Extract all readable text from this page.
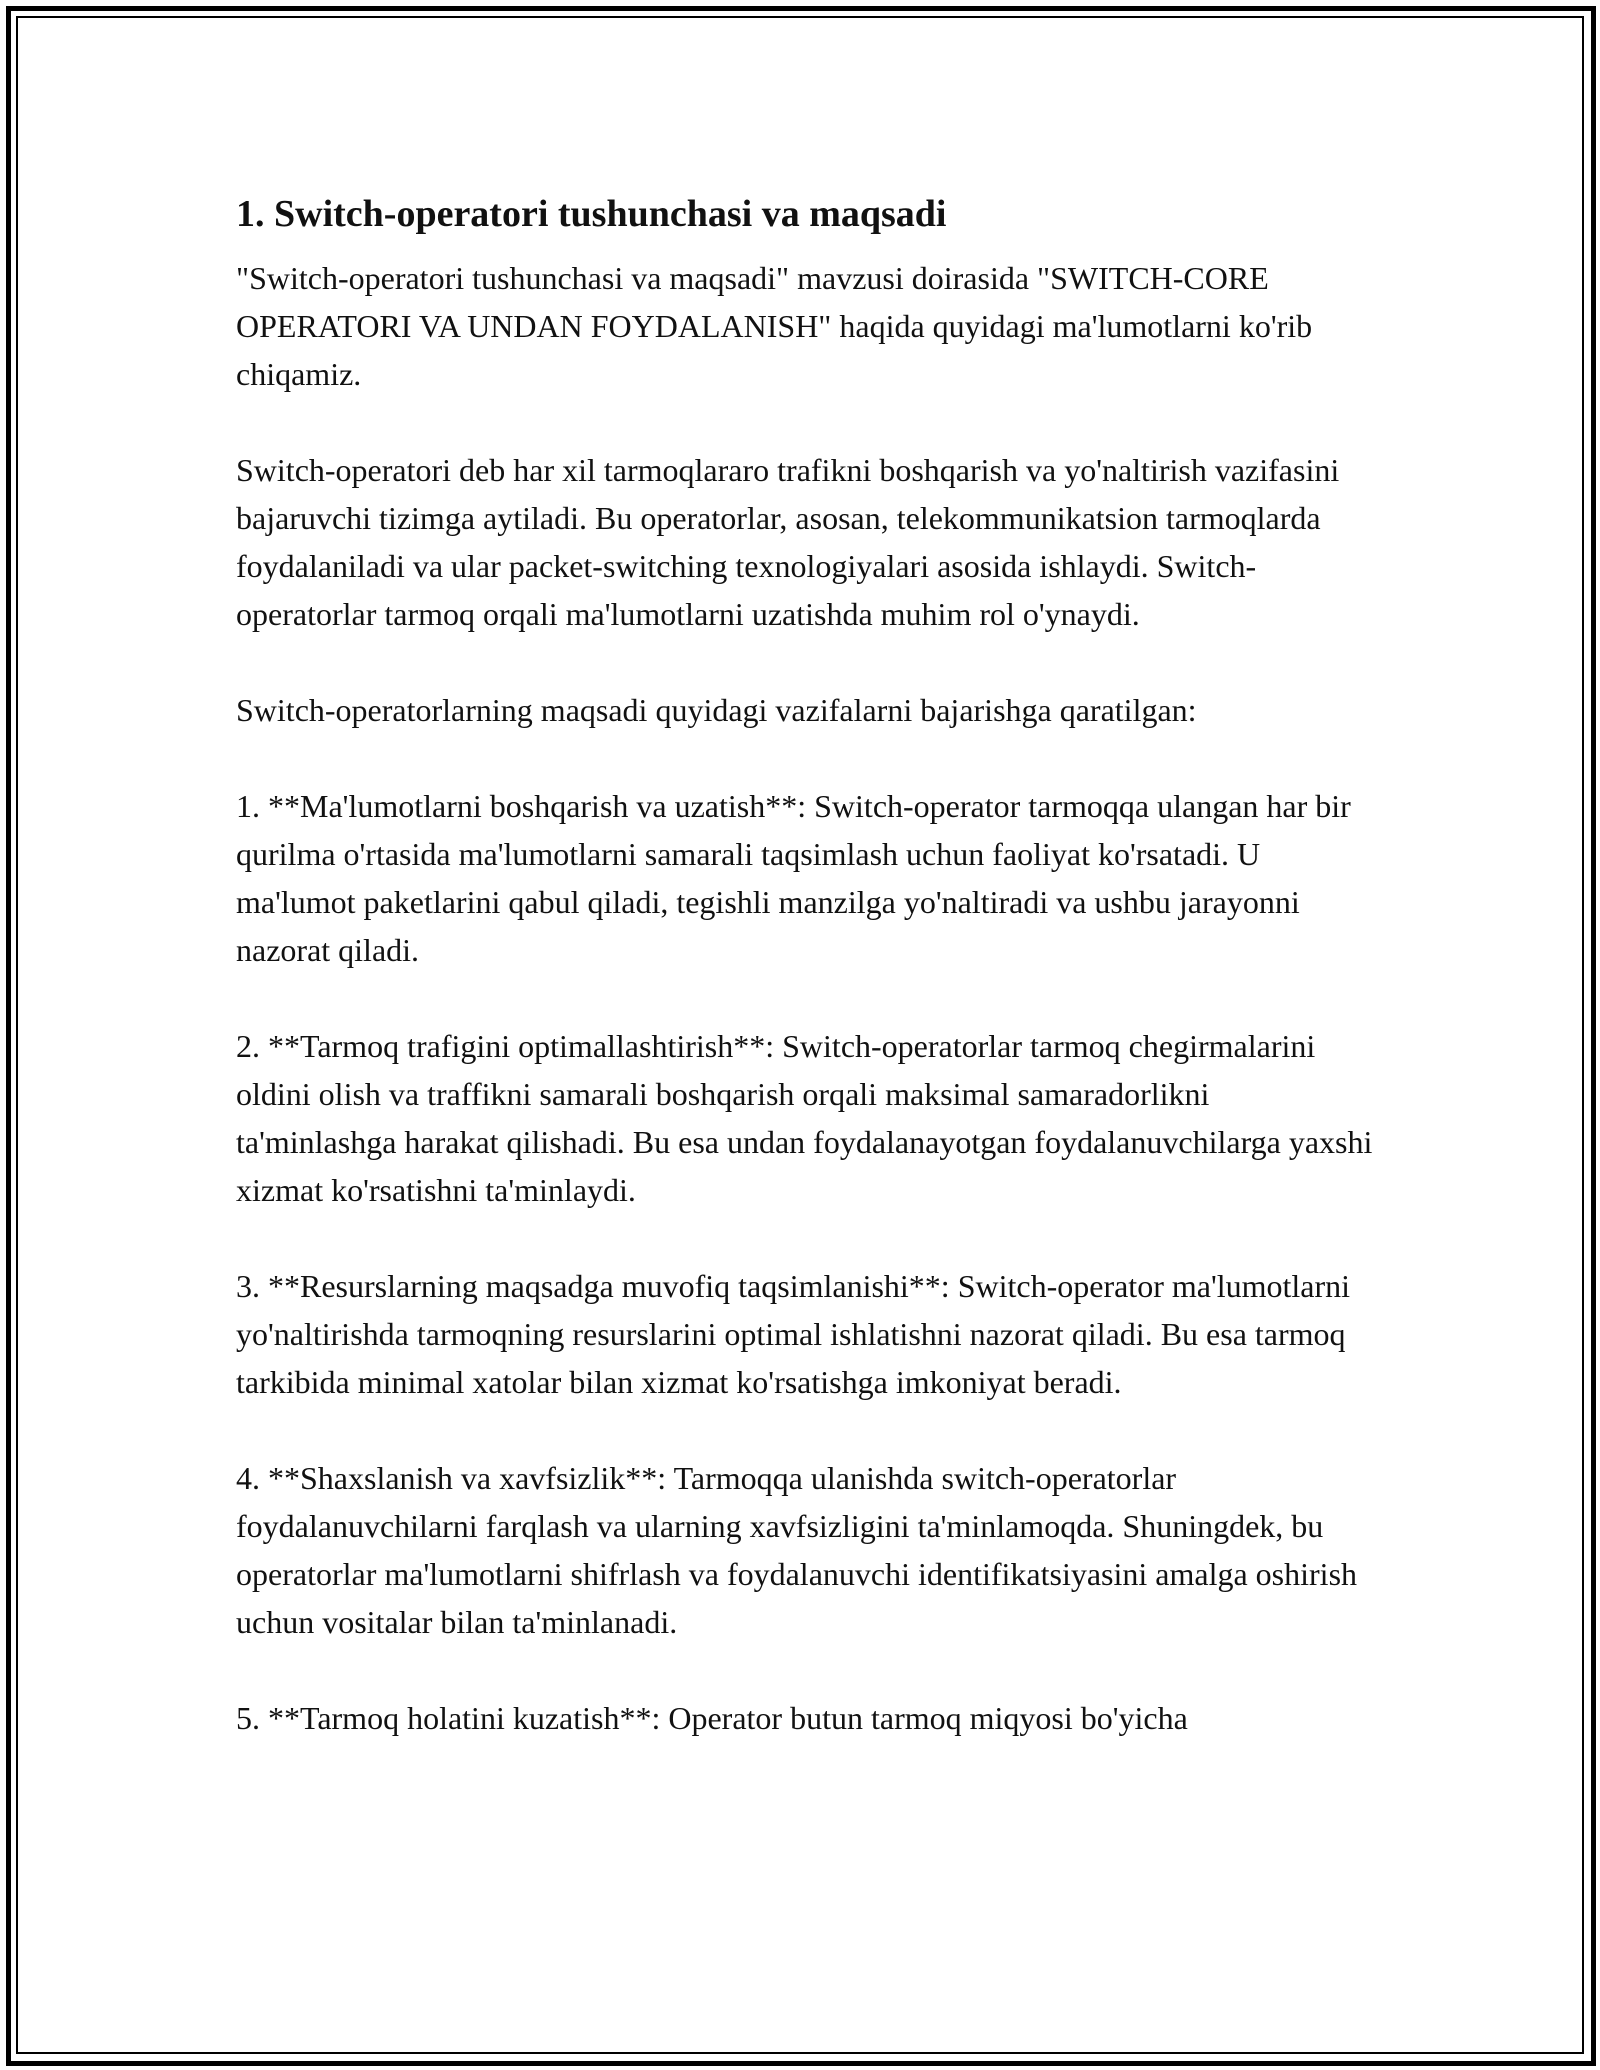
1. Switch-operatori tushunchasi va maqsadi

"Switch-operatori tushunchasi va maqsadi" mavzusi doirasida "SWITCH-CORE OPERATORI VA UNDAN FOYDALANISH" haqida quyidagi ma'lumotlarni ko'rib chiqamiz.

Switch-operatori deb har xil tarmoqlararo trafikni boshqarish va yo'naltirish vazifasini bajaruvchi tizimga aytiladi. Bu operatorlar, asosan, telekommunikatsion tarmoqlarda foydalaniladi va ular packet-switching texnologiyalari asosida ishlaydi. Switch-operatorlar tarmoq orqali ma'lumotlarni uzatishda muhim rol o'ynaydi.

Switch-operatorlarning maqsadi quyidagi vazifalarni bajarishga qaratilgan:

1. **Ma'lumotlarni boshqarish va uzatish**: Switch-operator tarmoqqa ulangan har bir qurilma o'rtasida ma'lumotlarni samarali taqsimlash uchun faoliyat ko'rsatadi. U ma'lumot paketlarini qabul qiladi, tegishli manzilga yo'naltiradi va ushbu jarayonni nazorat qiladi.

2. **Tarmoq trafigini optimallashtirish**: Switch-operatorlar tarmoq chegirmalarini oldini olish va traffikni samarali boshqarish orqali maksimal samaradorlikni ta'minlashga harakat qilishadi. Bu esa undan foydalanayotgan foydalanuvchilarga yaxshi xizmat ko'rsatishni ta'minlaydi.

3. **Resurslarning maqsadga muvofiq taqsimlanishi**: Switch-operator ma'lumotlarni yo'naltirishda tarmoqning resurslarini optimal ishlatishni nazorat qiladi. Bu esa tarmoq tarkibida minimal xatolar bilan xizmat ko'rsatishga imkoniyat beradi.

4. **Shaxslanish va xavfsizlik**: Tarmoqqa ulanishda switch-operatorlar foydalanuvchilarni farqlash va ularning xavfsizligini ta'minlamoqda. Shuningdek, bu operatorlar ma'lumotlarni shifrlash va foydalanuvchi identifikatsiyasini amalga oshirish uchun vositalar bilan ta'minlanadi.

5. **Tarmoq holatini kuzatish**: Operator butun tarmoq miqyosi bo'yicha
